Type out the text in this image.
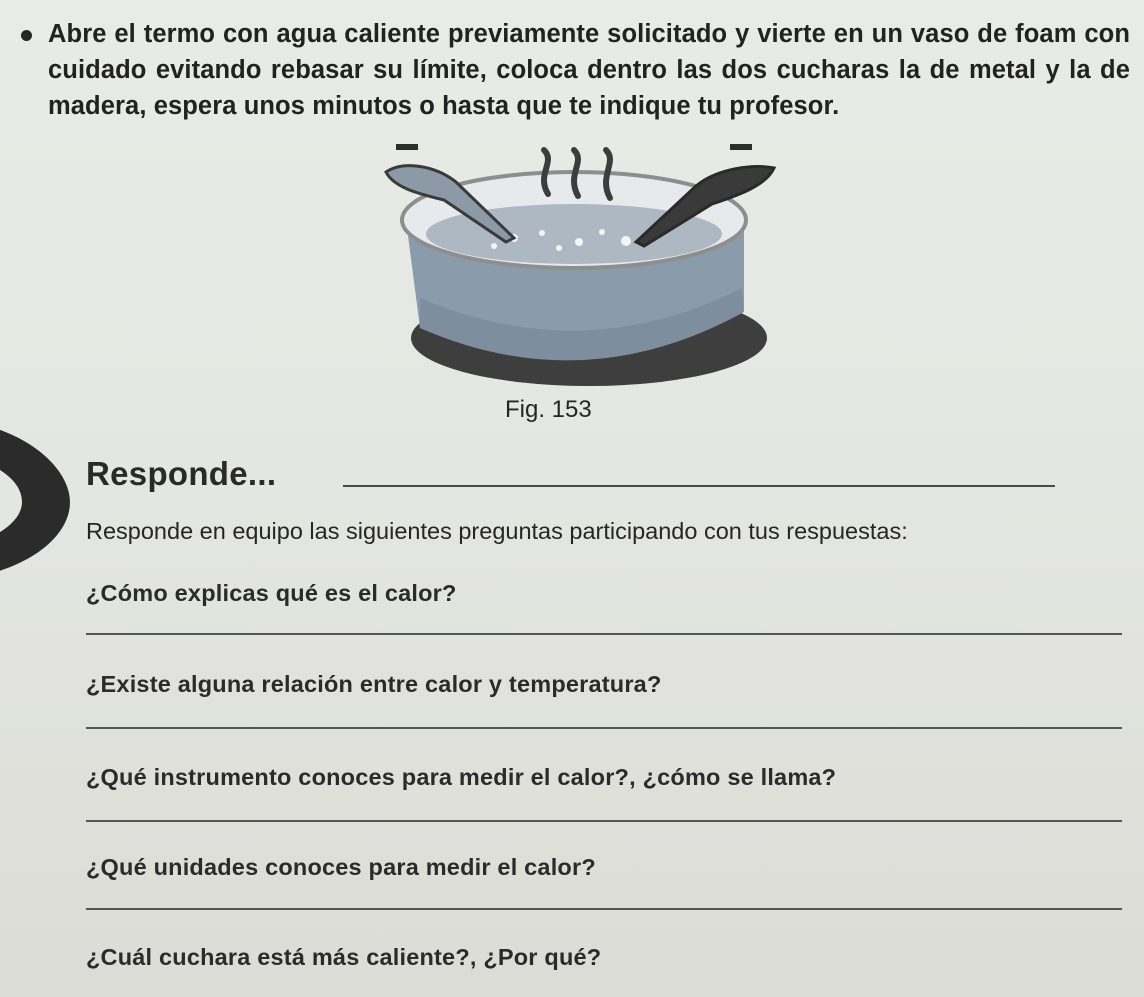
Abre el termo con agua caliente previamente solicitado y vierte en un vaso de foam con cuidado evitando rebasar su límite, coloca dentro las dos cucharas la de metal y la de madera, espera unos minutos o hasta que te indique tu profesor.
Fig. 153
Responde...
Responde en equipo las siguientes preguntas participando con tus respuestas:
¿Cómo explicas qué es el calor?
¿Existe alguna relación entre calor y temperatura?
¿Qué instrumento conoces para medir el calor?, ¿cómo se llama?
¿Qué unidades conoces para medir el calor?
¿Cuál cuchara está más caliente?, ¿Por qué?
